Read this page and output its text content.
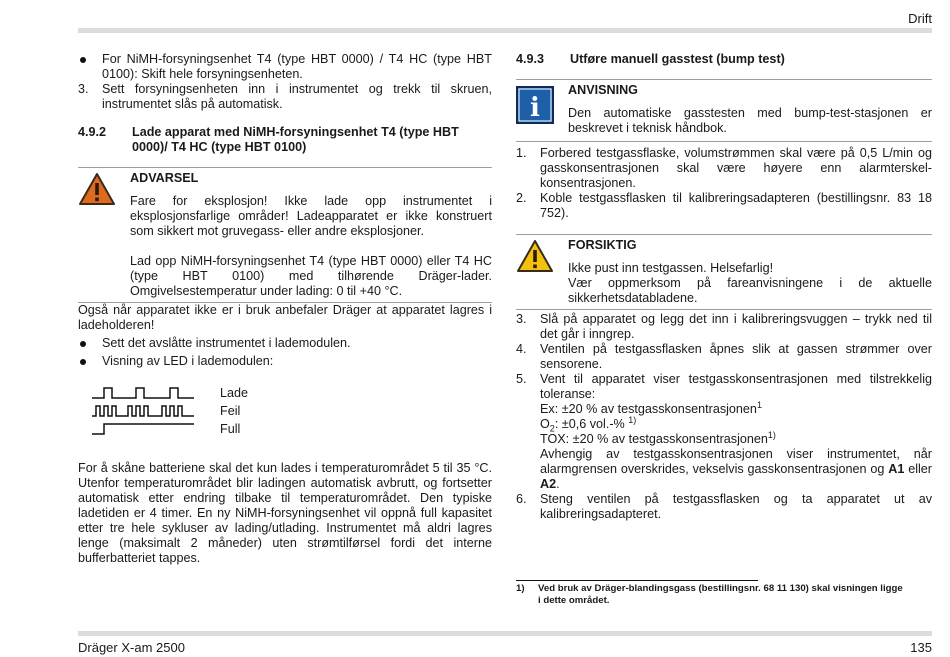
Drift
For NiMH-forsyningsenhet T4 (type HBT 0000) / T4 HC (type HBT 0100): Skift hele forsyningsenheten.
3. Sett forsyningsenheten inn i instrumentet og trekk til skruen, instrumentet slås på automatisk.
4.9.2 Lade apparat med NiMH-forsyningsenhet T4 (type HBT 0000)/ T4 HC (type HBT 0100)
ADVARSEL
Fare for eksplosjon! Ikke lade opp instrumentet i eksplosjonsfarlige områder! Ladeapparatet er ikke konstruert som sikkert mot gruvegass- eller andre eksplosjoner.
Lad opp NiMH-forsyningsenhet T4 (type HBT 0000) eller T4 HC (type HBT 0100) med tilhørende Dräger-lader. Omgivelsestemperatur under lading: 0 til +40 °C.
Også når apparatet ikke er i bruk anbefaler Dräger at apparatet lagres i ladeholderen!
Sett det avslåtte instrumentet i lademodulen.
Visning av LED i lademodulen:
Lade
Feil
Full
For å skåne batteriene skal det kun lades i temperaturområdet 5 til 35 °C. Utenfor temperaturområdet blir ladingen automatisk avbrutt, og fortsetter automatisk etter endring tilbake til temperaturområdet. Den typiske ladetiden er 4 timer. En ny NiMH-forsyningsenhet vil oppnå full kapasitet etter tre hele sykluser av lading/utlading. Instrumentet må aldri lagres lenge (maksimalt 2 måneder) uten strømtilførsel fordi det interne bufferbatteriet tappes.
4.9.3 Utføre manuell gasstest (bump test)
i
ANVISNING
Den automatiske gasstesten med bump-test-stasjonen er beskrevet i teknisk håndbok.
1. Forbered testgassflaske, volumstrømmen skal være på 0,5 L/min og gasskonsentrasjonen skal være høyere enn alarmterskel-konsentrasjonen.
2. Koble testgassflasken til kalibreringsadapteren (bestillingsnr. 83 18 752).
FORSIKTIG
Ikke pust inn testgassen. Helsefarlig!
Vær oppmerksom på fareanvisningene i de aktuelle sikkerhetsdatabladene.
3. Slå på apparatet og legg det inn i kalibreringsvuggen – trykk ned til det går i inngrep.
4. Ventilen på testgassflasken åpnes slik at gassen strømmer over sensorene.
5. Vent til apparatet viser testgasskonsentrasjonen med tilstrekkelig toleranse:
Ex: ±20 % av testgasskonsentrasjonen$^1$
$O_2$: ±0,6 vol.-% $^{1)}$
TOX: ±20 % av testgasskonsentrasjonen$^{1)}$
Avhengig av testgasskonsentrasjonen viser instrumentet, når alarmgrensen overskrides, vekselvis gasskonsentrasjonen og A1 eller A2.
6. Steng ventilen på testgassflasken og ta apparatet ut av kalibreringsadapteret.
1) Ved bruk av Dräger-blandingsgass (bestillingsnr. 68 11 130) skal visningen ligge i dette området.
Dräger X-am 2500	135
